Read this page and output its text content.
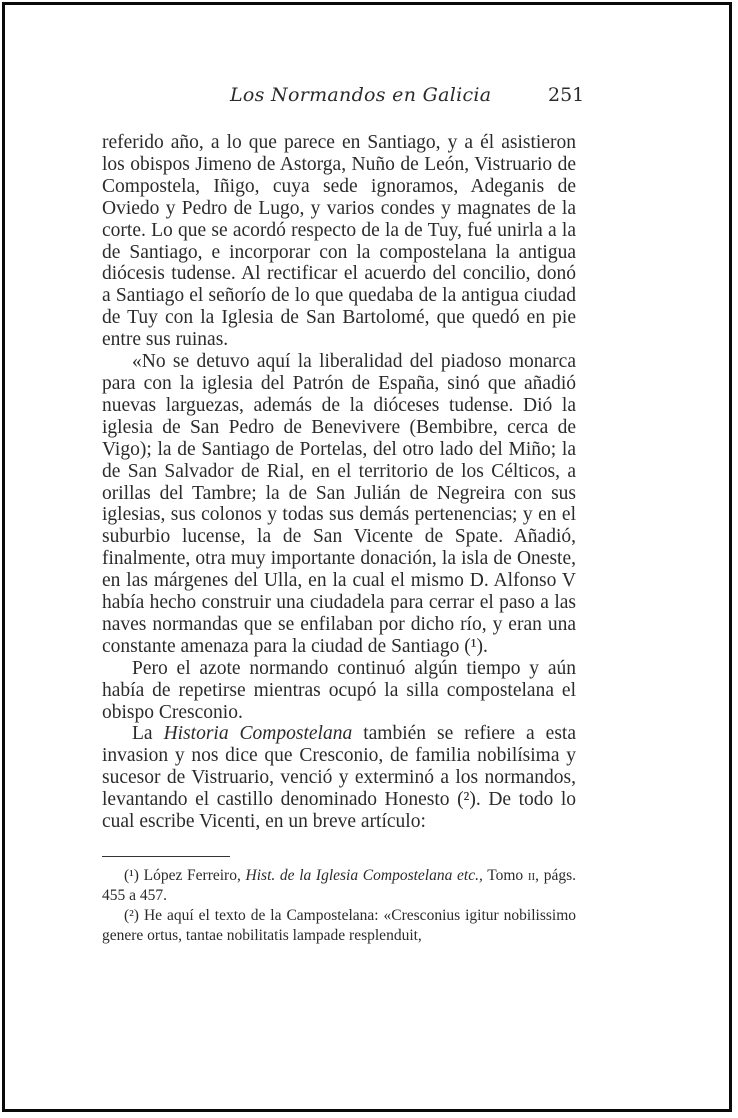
Los Normandos en Galicia	251

referido año, a lo que parece en Santiago, y a él asistieron los obispos Jimeno de Astorga, Nuño de León, Vistruario de Compostela, Iñigo, cuya sede ignoramos, Adeganis de Oviedo y Pedro de Lugo, y varios condes y magnates de la corte. Lo que se acordó respecto de la de Tuy, fué unirla a la de Santiago, e incorporar con la compostelana la antigua diócesis tudense. Al rectificar el acuerdo del concilio, donó a Santiago el señorío de lo que quedaba de la antigua ciudad de Tuy con la Iglesia de San Bartolomé, que quedó en pie entre sus ruinas.

«No se detuvo aquí la liberalidad del piadoso monarca para con la iglesia del Patrón de España, sinó que añadió nuevas larguezas, además de la dióceses tudense. Dió la iglesia de San Pedro de Benevivere (Bembibre, cerca de Vigo); la de Santiago de Portelas, del otro lado del Miño; la de San Salvador de Rial, en el territorio de los Célticos, a orillas del Tambre; la de San Julián de Negreira con sus iglesias, sus colonos y todas sus demás pertenencias; y en el suburbio lucense, la de San Vicente de Spate. Añadió, finalmente, otra muy importante donación, la isla de Oneste, en las márgenes del Ulla, en la cual el mismo D. Alfonso V había hecho construir una ciudadela para cerrar el paso a las naves normandas que se enfilaban por dicho río, y eran una constante amenaza para la ciudad de Santiago (¹).

Pero el azote normando continuó algún tiempo y aún había de repetirse mientras ocupó la silla compostelana el obispo Cresconio.

La Historia Compostelana también se refiere a esta invasion y nos dice que Cresconio, de familia nobilísima y sucesor de Vistruario, venció y exterminó a los normandos, levantando el castillo denominado Honesto (²). De todo lo cual escribe Vicenti, en un breve artículo:

(¹) López Ferreiro, Hist. de la Iglesia Compostelana etc., Tomo ii, págs. 455 a 457.

(²) He aquí el texto de la Campostelana: «Cresconius igitur nobilissimo genere ortus, tantae nobilitatis lampade resplenduit,
